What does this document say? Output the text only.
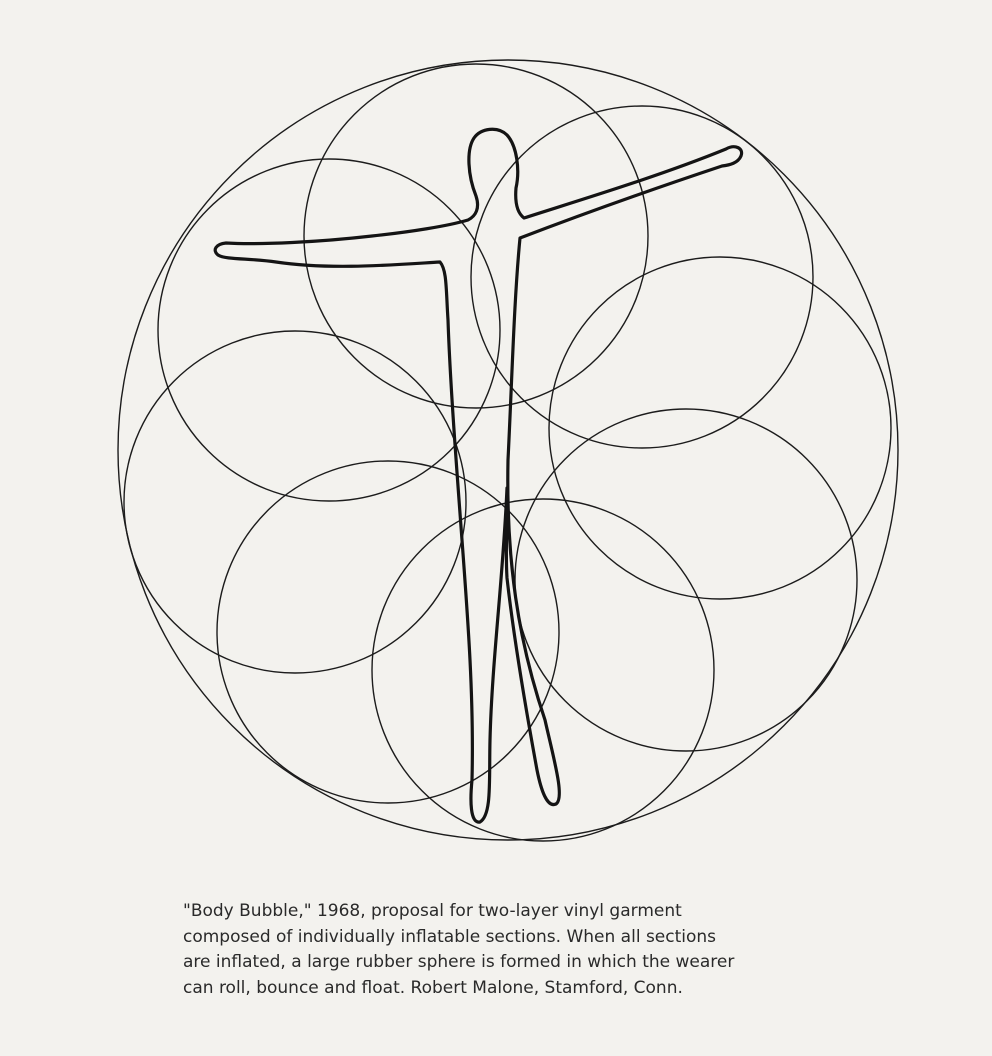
"Body Bubble," 1968, proposal for two-layer vinyl garment
composed of individually inflatable sections. When all sections
are inflated, a large rubber sphere is formed in which the wearer
can roll, bounce and float. Robert Malone, Stamford, Conn.
